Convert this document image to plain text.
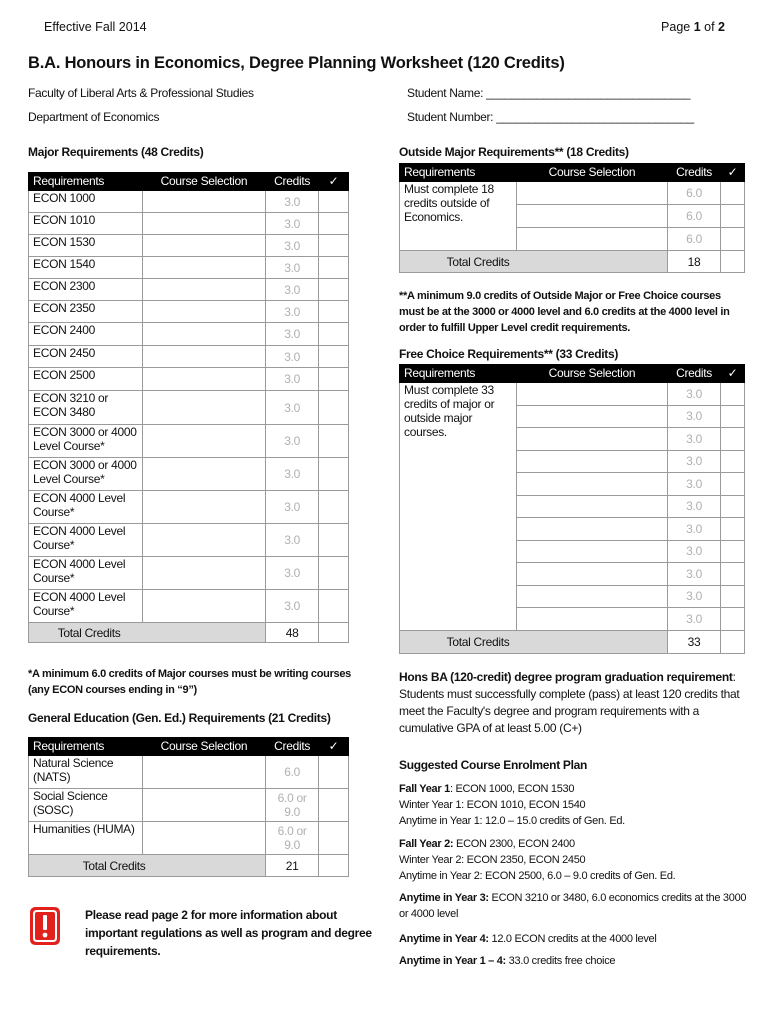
Effective Fall 2014	Page 1 of 2
B.A. Honours in Economics, Degree Planning Worksheet (120 Credits)
Faculty of Liberal Arts & Professional Studies
Department of Economics
Student Name: ________________________________
Student Number: _______________________________
Major Requirements (48 Credits)
Requirements	Course Selection	Credits	✓
ECON 1000		3.0	
ECON 1010		3.0	
ECON 1530		3.0	
ECON 1540		3.0	
ECON 2300		3.0	
ECON 2350		3.0	
ECON 2400		3.0	
ECON 2450		3.0	
ECON 2500		3.0	
ECON 3210 or ECON 3480		3.0	
ECON 3000 or 4000 Level Course*		3.0	
ECON 3000 or 4000 Level Course*		3.0	
ECON 4000 Level Course*		3.0	
ECON 4000 Level Course*		3.0	
ECON 4000 Level Course*		3.0	
ECON 4000 Level Course*		3.0	
Total Credits		48	
*A minimum 6.0 credits of Major courses must be writing courses (any ECON courses ending in “9”)
General Education (Gen. Ed.) Requirements (21 Credits)
Requirements	Course Selection	Credits	✓
Natural Science (NATS)		6.0	
Social Science (SOSC)		6.0 or 9.0	
Humanities (HUMA)		6.0 or 9.0	
Total Credits		21	
Please read page 2 for more information about important regulations as well as program and degree requirements.
Outside Major Requirements** (18 Credits)
Requirements	Course Selection	Credits	✓
Must complete 18 credits outside of Economics.		6.0	
		6.0	
		6.0	
Total Credits		18	
**A minimum 9.0 credits of Outside Major or Free Choice courses must be at the 3000 or 4000 level and 6.0 credits at the 4000 level in order to fulfill Upper Level credit requirements.
Free Choice Requirements** (33 Credits)
Requirements	Course Selection	Credits	✓
Must complete 33 credits of major or outside major courses.		3.0	
		3.0	
		3.0	
		3.0	
		3.0	
		3.0	
		3.0	
		3.0	
		3.0	
		3.0	
		3.0	
Total Credits		33	
Hons BA (120-credit) degree program graduation requirement:
Students must successfully complete (pass) at least 120 credits that meet the Faculty's degree and program requirements with a cumulative GPA of at least 5.00 (C+)
Suggested Course Enrolment Plan
Fall Year 1: ECON 1000, ECON 1530
Winter Year 1: ECON 1010, ECON 1540
Anytime in Year 1: 12.0 – 15.0 credits of Gen. Ed.
Fall Year 2: ECON 2300, ECON 2400
Winter Year 2: ECON 2350, ECON 2450
Anytime in Year 2: ECON 2500, 6.0 – 9.0 credits of Gen. Ed.
Anytime in Year 3: ECON 3210 or 3480, 6.0 economics credits at the 3000 or 4000 level
Anytime in Year 4: 12.0 ECON credits at the 4000 level
Anytime in Year 1 – 4: 33.0 credits free choice
